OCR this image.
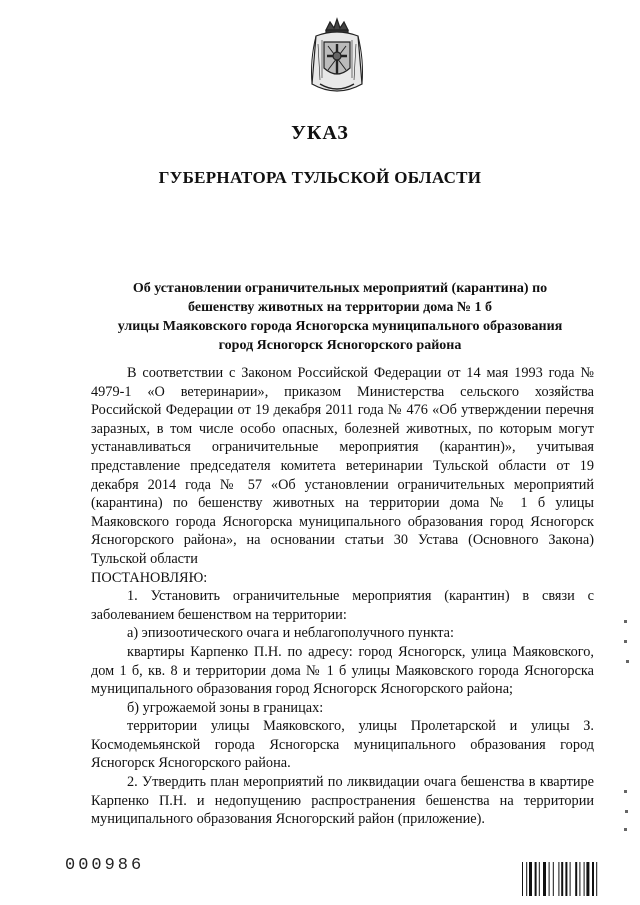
УКАЗ
ГУБЕРНАТОРА ТУЛЬСКОЙ ОБЛАСТИ
Об установлении ограничительных мероприятий (карантина) по
бешенству животных на территории дома № 1 б
улицы Маяковского города Ясногорска муниципального образования
город Ясногорск Ясногорского района

В соответствии с Законом Российской Федерации от 14 мая 1993 года № 4979-1 «О ветеринарии», приказом Министерства сельского хозяйства Российской Федерации от 19 декабря 2011 года № 476 «Об утверждении перечня заразных, в том числе особо опасных, болезней животных, по которым могут устанавливаться ограничительные мероприятия (карантин)», учитывая представление председателя комитета ветеринарии Тульской области от 19 декабря 2014 года № 57 «Об установлении ограничительных мероприятий (карантина) по бешенству животных на территории дома № 1 б улицы Маяковского города Ясногорска муниципального образования город Ясногорск Ясногорского района», на основании статьи 30 Устава (Основного Закона) Тульской области

ПОСТАНОВЛЯЮ:

1. Установить ограничительные мероприятия (карантин) в связи с заболеванием бешенством на территории:

а) эпизоотического очага и неблагополучного пункта:

квартиры Карпенко П.Н. по адресу: город Ясногорск, улица Маяковского, дом 1 б, кв. 8 и территории дома № 1 б улицы Маяковского города Ясногорска муниципального образования город Ясногорск Ясногорского района;

б) угрожаемой зоны в границах:

территории улицы Маяковского, улицы Пролетарской и улицы З. Космодемьянской города Ясногорска муниципального образования город Ясногорск Ясногорского района.

2. Утвердить план мероприятий по ликвидации очага бешенства в квартире Карпенко П.Н. и недопущению распространения бешенства на территории муниципального образования Ясногорский район (приложение).

000986
